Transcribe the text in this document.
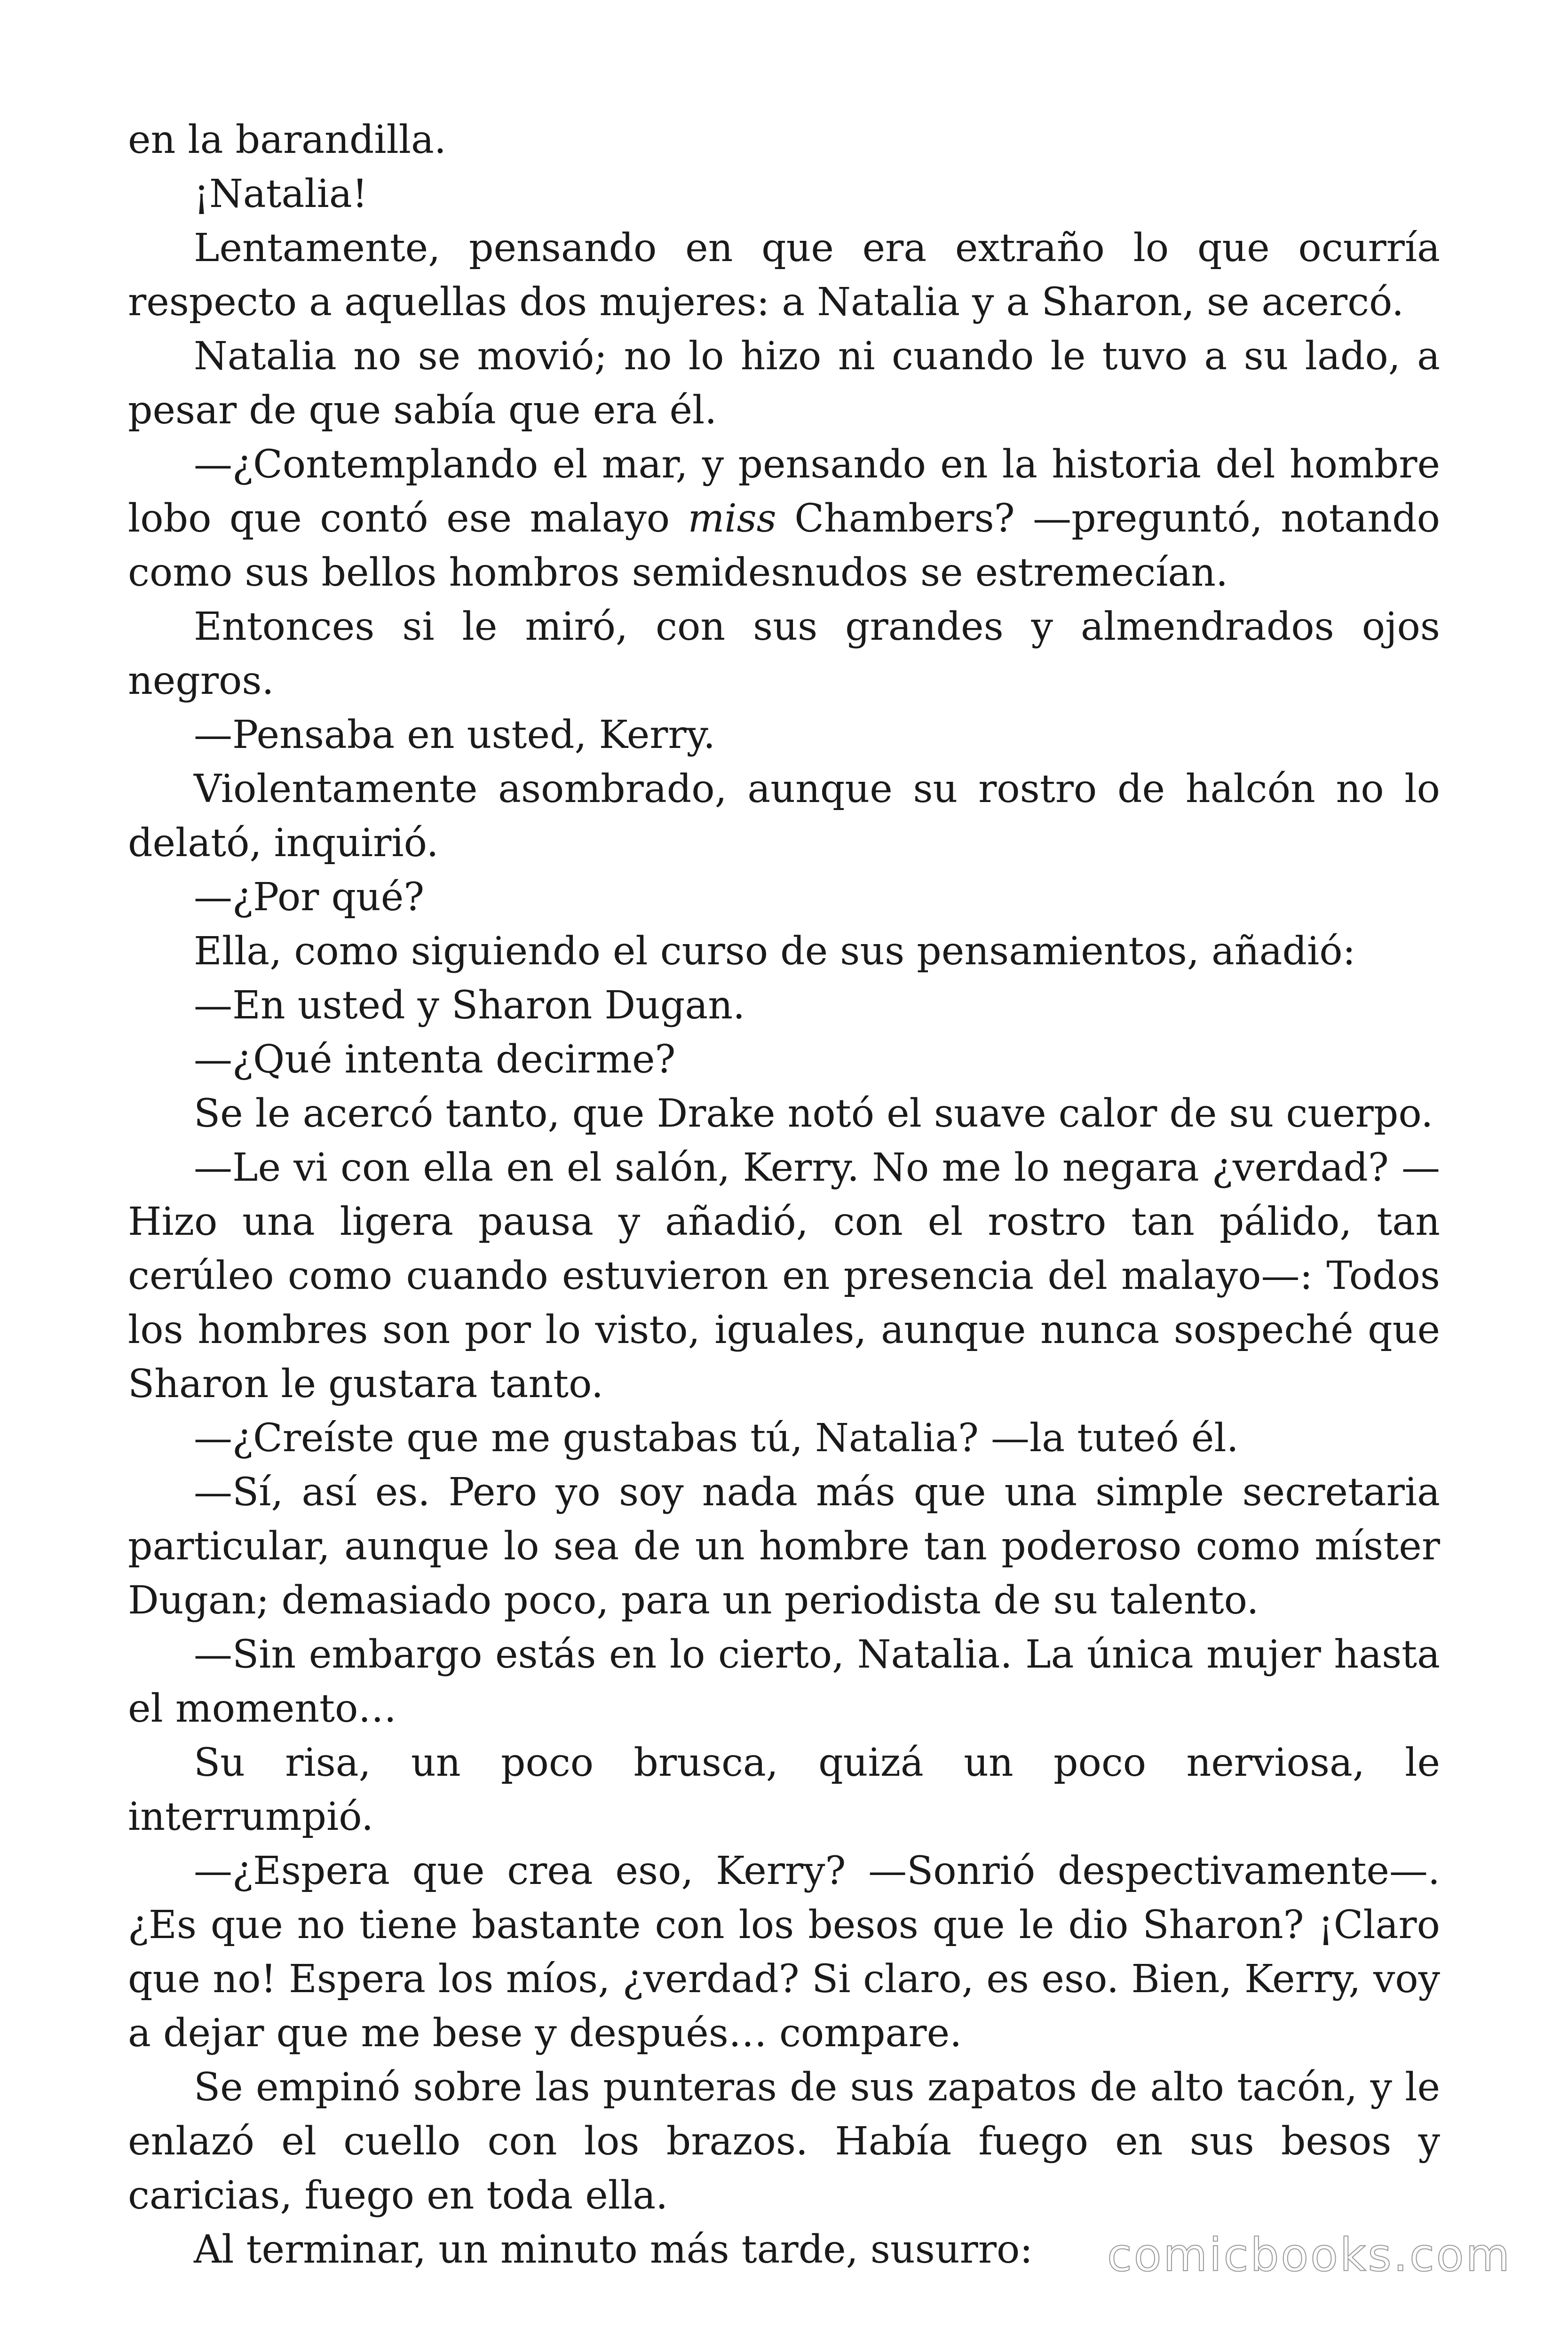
en la barandilla.

¡Natalia!

Lentamente, pensando en que era extraño lo que ocurría respecto a aquellas dos mujeres: a Natalia y a Sharon, se acercó.

Natalia no se movió; no lo hizo ni cuando le tuvo a su lado, a pesar de que sabía que era él.

—¿Contemplando el mar, y pensando en la historia del hombre lobo que contó ese malayo miss Chambers? —preguntó, notando como sus bellos hombros semidesnudos se estremecían.

Entonces si le miró, con sus grandes y almendrados ojos negros.

—Pensaba en usted, Kerry.

Violentamente asombrado, aunque su rostro de halcón no lo delató, inquirió.

—¿Por qué?

Ella, como siguiendo el curso de sus pensamientos, añadió:

—En usted y Sharon Dugan.

—¿Qué intenta decirme?

Se le acercó tanto, que Drake notó el suave calor de su cuerpo.

—Le vi con ella en el salón, Kerry. No me lo negara ¿verdad? —Hizo una ligera pausa y añadió, con el rostro tan pálido, tan cerúleo como cuando estuvieron en presencia del malayo—: Todos los hombres son por lo visto, iguales, aunque nunca sospeché que Sharon le gustara tanto.

—¿Creíste que me gustabas tú, Natalia? —la tuteó él.

—Sí, así es. Pero yo soy nada más que una simple secretaria particular, aunque lo sea de un hombre tan poderoso como míster Dugan; demasiado poco, para un periodista de su talento.

—Sin embargo estás en lo cierto, Natalia. La única mujer hasta el momento…

Su risa, un poco brusca, quizá un poco nerviosa, le interrumpió.

—¿Espera que crea eso, Kerry? —Sonrió despectivamente—. ¿Es que no tiene bastante con los besos que le dio Sharon? ¡Claro que no! Espera los míos, ¿verdad? Si claro, es eso. Bien, Kerry, voy a dejar que me bese y después… compare.

Se empinó sobre las punteras de sus zapatos de alto tacón, y le enlazó el cuello con los brazos. Había fuego en sus besos y caricias, fuego en toda ella.

Al terminar, un minuto más tarde, susurro:	comicbooks.com
